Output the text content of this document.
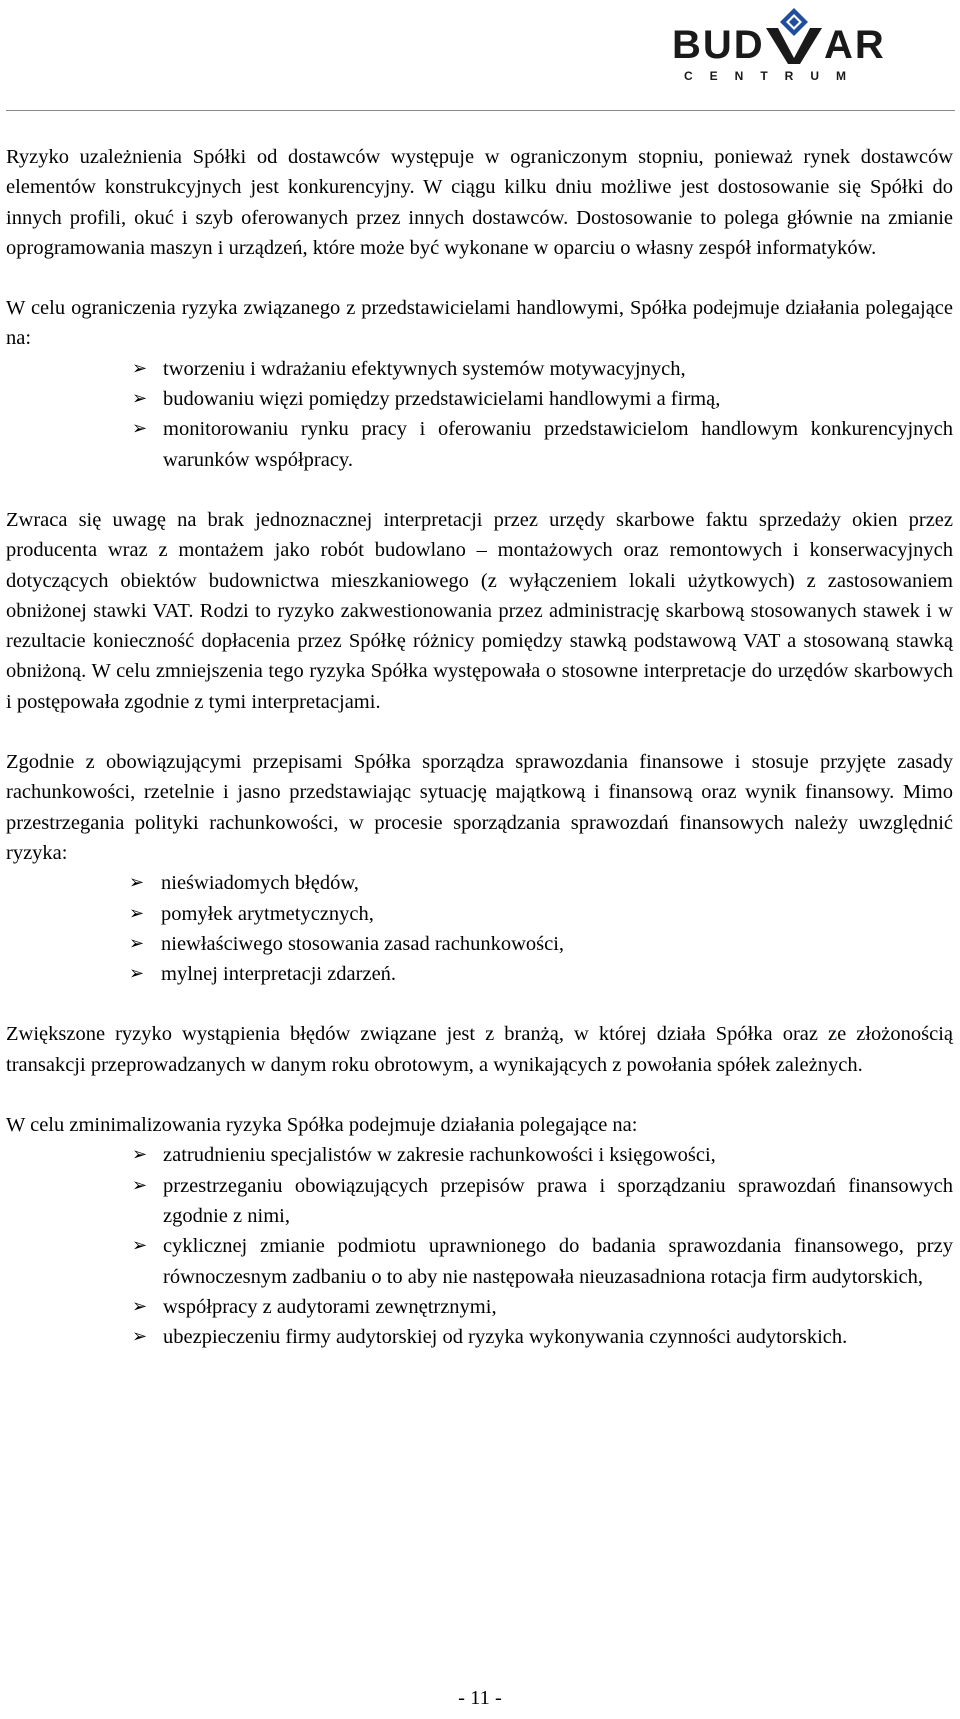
BUD AR
CENTRUM

Ryzyko uzależnienia Spółki od dostawców występuje w ograniczonym stopniu, ponieważ rynek dostawców elementów konstrukcyjnych jest konkurencyjny. W ciągu kilku dniu możliwe jest dostosowanie się Spółki do innych profili, okuć i szyb oferowanych przez innych dostawców. Dostosowanie to polega głównie na zmianie oprogramowania maszyn i urządzeń, które może być wykonane w oparciu o własny zespół informatyków.

W celu ograniczenia ryzyka związanego z przedstawicielami handlowymi, Spółka podejmuje działania polegające na:

➢ tworzeniu i wdrażaniu efektywnych systemów motywacyjnych,
➢ budowaniu więzi pomiędzy przedstawicielami handlowymi a firmą,
➢ monitorowaniu rynku pracy i oferowaniu przedstawicielom handlowym konkurencyjnych warunków współpracy.

Zwraca się uwagę na brak jednoznacznej interpretacji przez urzędy skarbowe faktu sprzedaży okien przez producenta wraz z montażem jako robót budowlano – montażowych oraz remontowych i konserwacyjnych dotyczących obiektów budownictwa mieszkaniowego (z wyłączeniem lokali użytkowych) z zastosowaniem obniżonej stawki VAT. Rodzi to ryzyko zakwestionowania przez administrację skarbową stosowanych stawek i w rezultacie konieczność dopłacenia przez Spółkę różnicy pomiędzy stawką podstawową VAT a stosowaną stawką obniżoną. W celu zmniejszenia tego ryzyka Spółka występowała o stosowne interpretacje do urzędów skarbowych i postępowała zgodnie z tymi interpretacjami.

Zgodnie z obowiązującymi przepisami Spółka sporządza sprawozdania finansowe i stosuje przyjęte zasady rachunkowości, rzetelnie i jasno przedstawiając sytuację majątkową i finansową oraz wynik finansowy. Mimo przestrzegania polityki rachunkowości, w procesie sporządzania sprawozdań finansowych należy uwzględnić ryzyka:

➢ nieświadomych błędów,
➢ pomyłek arytmetycznych,
➢ niewłaściwego stosowania zasad rachunkowości,
➢ mylnej interpretacji zdarzeń.

Zwiększone ryzyko wystąpienia błędów związane jest z branżą, w której działa Spółka oraz ze złożonością transakcji przeprowadzanych w danym roku obrotowym, a wynikających z powołania spółek zależnych.

W celu zminimalizowania ryzyka Spółka podejmuje działania polegające na:

➢ zatrudnieniu specjalistów w zakresie rachunkowości i księgowości,
➢ przestrzeganiu obowiązujących przepisów prawa i sporządzaniu sprawozdań finansowych zgodnie z nimi,
➢ cyklicznej zmianie podmiotu uprawnionego do badania sprawozdania finansowego, przy równoczesnym zadbaniu o to aby nie następowała nieuzasadniona rotacja firm audytorskich,
➢ współpracy z audytorami zewnętrznymi,
➢ ubezpieczeniu firmy audytorskiej od ryzyka wykonywania czynności audytorskich.
- 11 -
